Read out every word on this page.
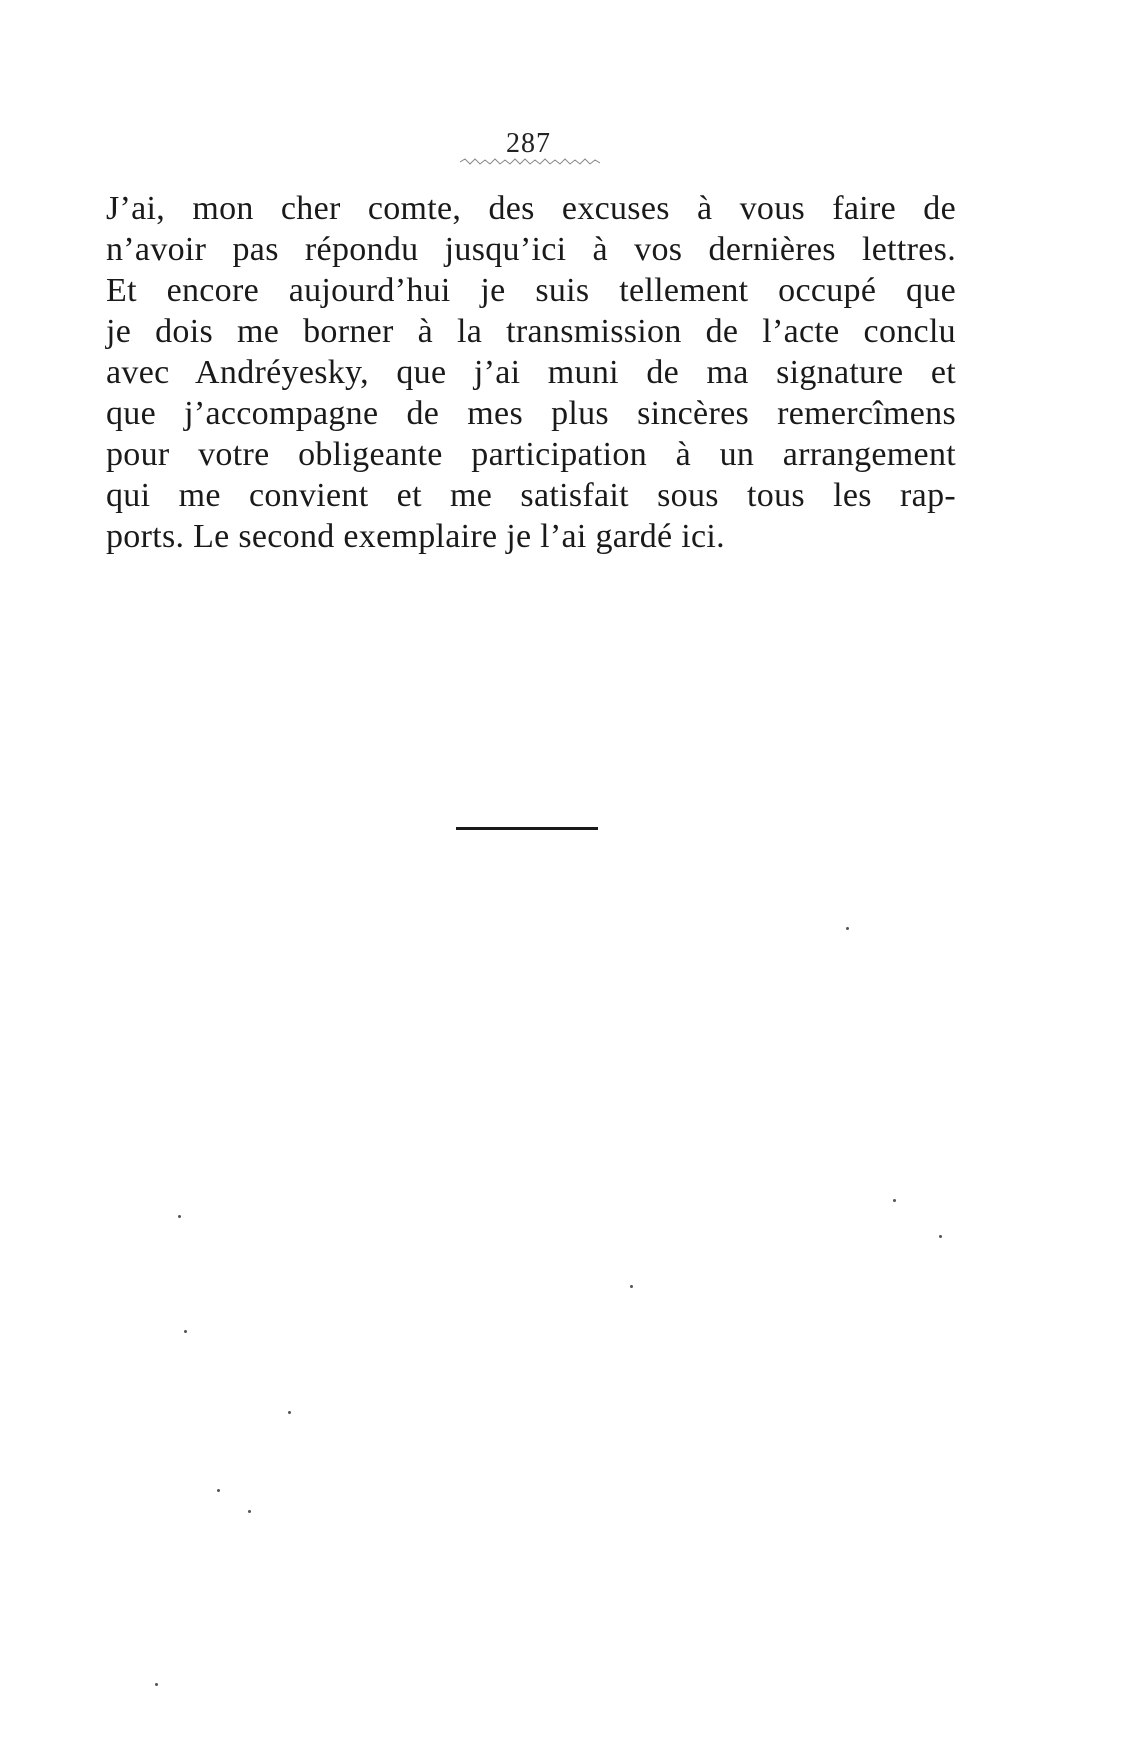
287
J’ai, mon cher comte, des excuses à vous faire de
n’avoir pas répondu jusqu’ici à vos dernières lettres.
Et encore aujourd’hui je suis tellement occupé que
je dois me borner à la transmission de l’acte conclu
avec Andréyesky, que j’ai muni de ma signature et
que j’accompagne de mes plus sincères remercîmens
pour votre obligeante participation à un arrangement
qui me convient et me satisfait sous tous les rap-
ports. Le second exemplaire je l’ai gardé ici.
